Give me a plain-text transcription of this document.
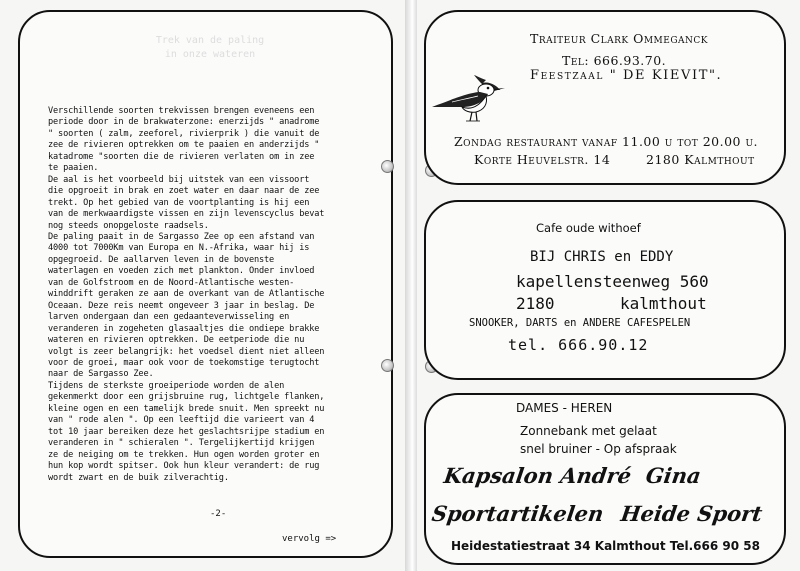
Trek van de paling
in onze wateren
Verschillende soorten trekvissen brengen eveneens een
periode door in de brakwaterzone: enerzijds " anadrome
" soorten ( zalm, zeeforel, rivierprik ) die vanuit de
zee de rivieren optrekken om te paaien en anderzijds "
katadrome "soorten die de rivieren verlaten om in zee
te paaien.
De aal is het voorbeeld bij uitstek van een vissoort
die opgroeit in brak en zoet water en daar naar de zee
trekt. Op het gebied van de voortplanting is hij een
van de merkwaardigste vissen en zijn levenscyclus bevat
nog steeds onopgeloste raadsels.
De paling paait in de Sargasso Zee op een afstand van
4000 tot 7000Km van Europa en N.-Afrika, waar hij is
opgegroeid. De aallarven leven in de bovenste
waterlagen en voeden zich met plankton. Onder invloed
van de Golfstroom en de Noord-Atlantische westen-
winddrift geraken ze aan de overkant van de Atlantische
Oceaan. Deze reis neemt ongeveer 3 jaar in beslag. De
larven ondergaan dan een gedaanteverwisseling en
veranderen in zogeheten glasaaltjes die ondiepe brakke
wateren en rivieren optrekken. De eetperiode die nu
volgt is zeer belangrijk: het voedsel dient niet alleen
voor de groei, maar ook voor de toekomstige terugtocht
naar de Sargasso Zee.
Tijdens de sterkste groeiperiode worden de alen
gekenmerkt door een grijsbruine rug, lichtgele flanken,
kleine ogen en een tamelijk brede snuit. Men spreekt nu
van " rode alen ". Op een leeftijd die varieert van 4
tot 10 jaar bereiken deze het geslachtsrijpe stadium en
veranderen in " schieralen ". Tergelijkertijd krijgen
ze de neiging om te trekken. Hun ogen worden groter en
hun kop wordt spitser. Ook hun kleur verandert: de rug
wordt zwart en de buik zilverachtig.
-2-
vervolg =>
Traiteur Clark Ommeganck
Tel: 666.93.70.
Feestzaal " DE KIEVIT".
Zondag restaurant vanaf 11.00 u tot 20.00 u.
Korte Heuvelstr. 14	2180 Kalmthout
Cafe oude withoef
BIJ CHRIS en EDDY
kapellensteenweg 560
2180	kalmthout
SNOOKER, DARTS en ANDERE CAFESPELEN
tel. 666.90.12
DAMES - HEREN
Zonnebank met gelaat
snel bruiner - Op afspraak
Kapsalon André Gina
Sportartikelen Heide Sport
Heidestatiestraat 34 Kalmthout Tel.666 90 58
